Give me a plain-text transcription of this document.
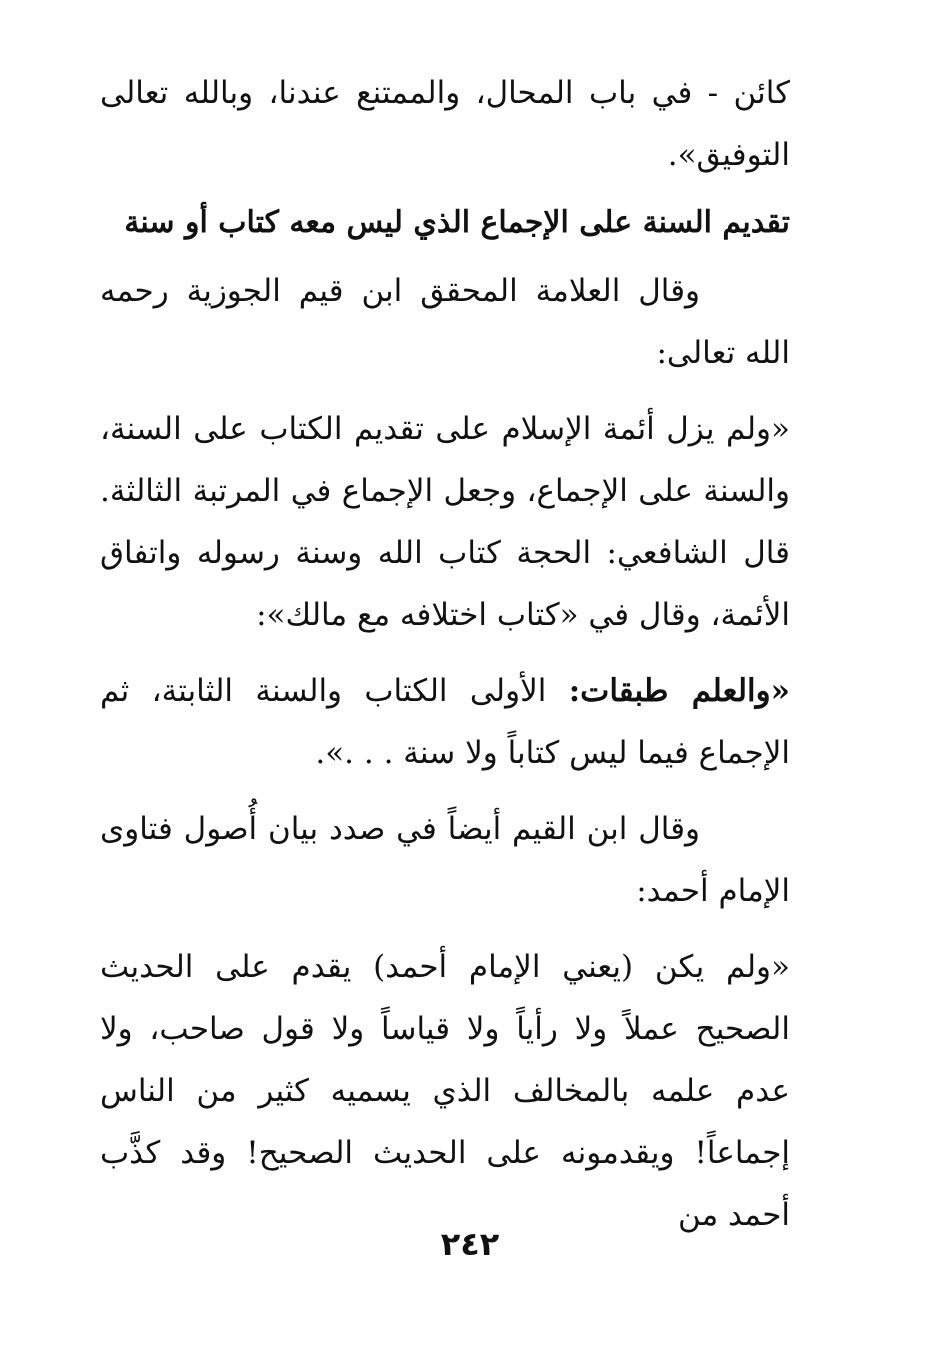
كائن - في باب المحال، والممتنع عندنا، وبالله تعالى التوفيق».

تقديم السنة على الإجماع الذي ليس معه كتاب أو سنة

وقال العلامة المحقق ابن قيم الجوزية رحمه الله تعالى:

«ولم يزل أئمة الإسلام على تقديم الكتاب على السنة، والسنة على الإجماع، وجعل الإجماع في المرتبة الثالثة. قال الشافعي: الحجة كتاب الله وسنة رسوله واتفاق الأئمة، وقال في «كتاب اختلافه مع مالك»:

«والعلم طبقات: الأولى الكتاب والسنة الثابتة، ثم الإجماع فيما ليس كتاباً ولا سنة . . .».

وقال ابن القيم أيضاً في صدد بيان أُصول فتاوى الإمام أحمد:

«ولم يكن (يعني الإمام أحمد) يقدم على الحديث الصحيح عملاً ولا رأياً ولا قياساً ولا قول صاحب، ولا عدم علمه بالمخالف الذي يسميه كثير من الناس إجماعاً! ويقدمونه على الحديث الصحيح! وقد كذَّب أحمد من

٢٤٢
